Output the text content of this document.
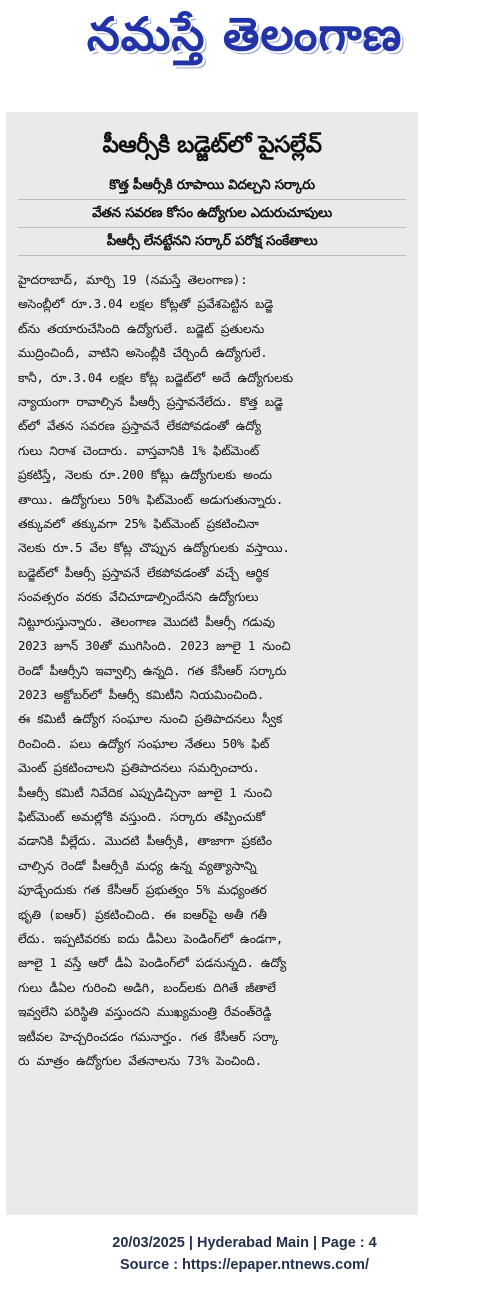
నమస్తే తెలంగాణ
పీఆర్సీకి బడ్జెట్‌లో పైసల్లేవ్
కొత్త పీఆర్సీకి రూపాయి విదల్చని సర్కారు
వేతన సవరణ కోసం ఉద్యోగుల ఎదురుచూపులు
పీఆర్సీ లేనట్టేనని సర్కార్ పరోక్ష సంకేతాలు
హైదరాబాద్, మార్చి 19 (నమస్తే తెలంగాణ):
అసెంబ్లీలో రూ.3.04 లక్షల కోట్లతో ప్రవేశపెట్టిన బడ్జె
ట్‌ను తయారుచేసింది ఉద్యోగులే. బడ్జెట్ ప్రతులను
ముద్రించిందీ, వాటిని అసెంబ్లీకి చేర్చిందీ ఉద్యోగులే.
కానీ, రూ.3.04 లక్షల కోట్ల బడ్జెట్‌లో అదే ఉద్యోగులకు
న్యాయంగా రావాల్సిన పీఆర్సీ ప్రస్తావనేలేదు. కొత్త బడ్జె
ట్‌లో వేతన సవరణ ప్రస్తావనే లేకపోవడంతో ఉద్యో
గులు నిరాశ చెందారు. వాస్తవానికి 1% ఫిట్‌మెంట్
ప్రకటిస్తే, నెలకు రూ.200 కోట్లు ఉద్యోగులకు అందు
తాయి. ఉద్యోగులు 50% ఫిట్‌మెంట్ అడుగుతున్నారు.
తక్కువలో తక్కువగా 25% ఫిట్‌మెంట్ ప్రకటించినా
నెలకు రూ.5 వేల కోట్ల చొప్పున ఉద్యోగులకు వస్తాయి.
బడ్జెట్‌లో పీఆర్సీ ప్రస్తావనే లేకపోవడంతో వచ్చే ఆర్థిక
సంవత్సరం వరకు వేచిచూడాల్సిందేనని ఉద్యోగులు
నిట్టూరుస్తున్నారు. తెలంగాణ మొదటి పీఆర్సీ గడువు
2023 జూన్ 30తో ముగిసింది. 2023 జూలై 1 నుంచి
రెండో పీఆర్సీని ఇవ్వాల్సి ఉన్నది. గత కేసీఆర్ సర్కారు
2023 అక్టోబర్‌లో పీఆర్సీ కమిటీని నియమించింది.
ఈ కమిటీ ఉద్యోగ సంఘాల నుంచి ప్రతిపాదనలు స్వీక
రించింది. పలు ఉద్యోగ సంఘాల నేతలు 50% ఫిట్
మెంట్ ప్రకటించాలని ప్రతిపాదనలు సమర్పించారు.
పీఆర్సీ కమిటీ నివేదిక ఎప్పుడిచ్చినా జూలై 1 నుంచి
ఫిట్‌మెంట్ అమల్లోకి వస్తుంది. సర్కారు తప్పించుకో
వడానికి వీల్లేదు. మొదటి పీఆర్సీకి, తాజాగా ప్రకటిం
చాల్సిన రెండో పీఆర్సీకి మధ్య ఉన్న వ్యత్యాసాన్ని
పూడ్చేందుకు గత కేసీఆర్ ప్రభుత్వం 5% మధ్యంతర
భృతి (ఐఆర్) ప్రకటించింది. ఈ ఐఆర్‌పై అతీ గతీ
లేదు. ఇప్పటివరకు ఐదు డీఏలు పెండింగ్‌లో ఉండగా,
జూలై 1 వస్తే ఆరో డీఏ పెండింగ్‌లో పడనున్నది. ఉద్యో
గులు డీఏల గురించి అడిగి, బంద్‌లకు దిగితే జీతాలే
ఇవ్వలేని పరిస్థితి వస్తుందని ముఖ్యమంత్రి రేవంత్‌రెడ్డి
ఇటీవల హెచ్చరించడం గమనార్హం. గత కేసీఆర్ సర్కా
రు మాత్రం ఉద్యోగుల వేతనాలను 73% పెంచింది.
20/03/2025 | Hyderabad Main | Page : 4
Source : https://epaper.ntnews.com/
